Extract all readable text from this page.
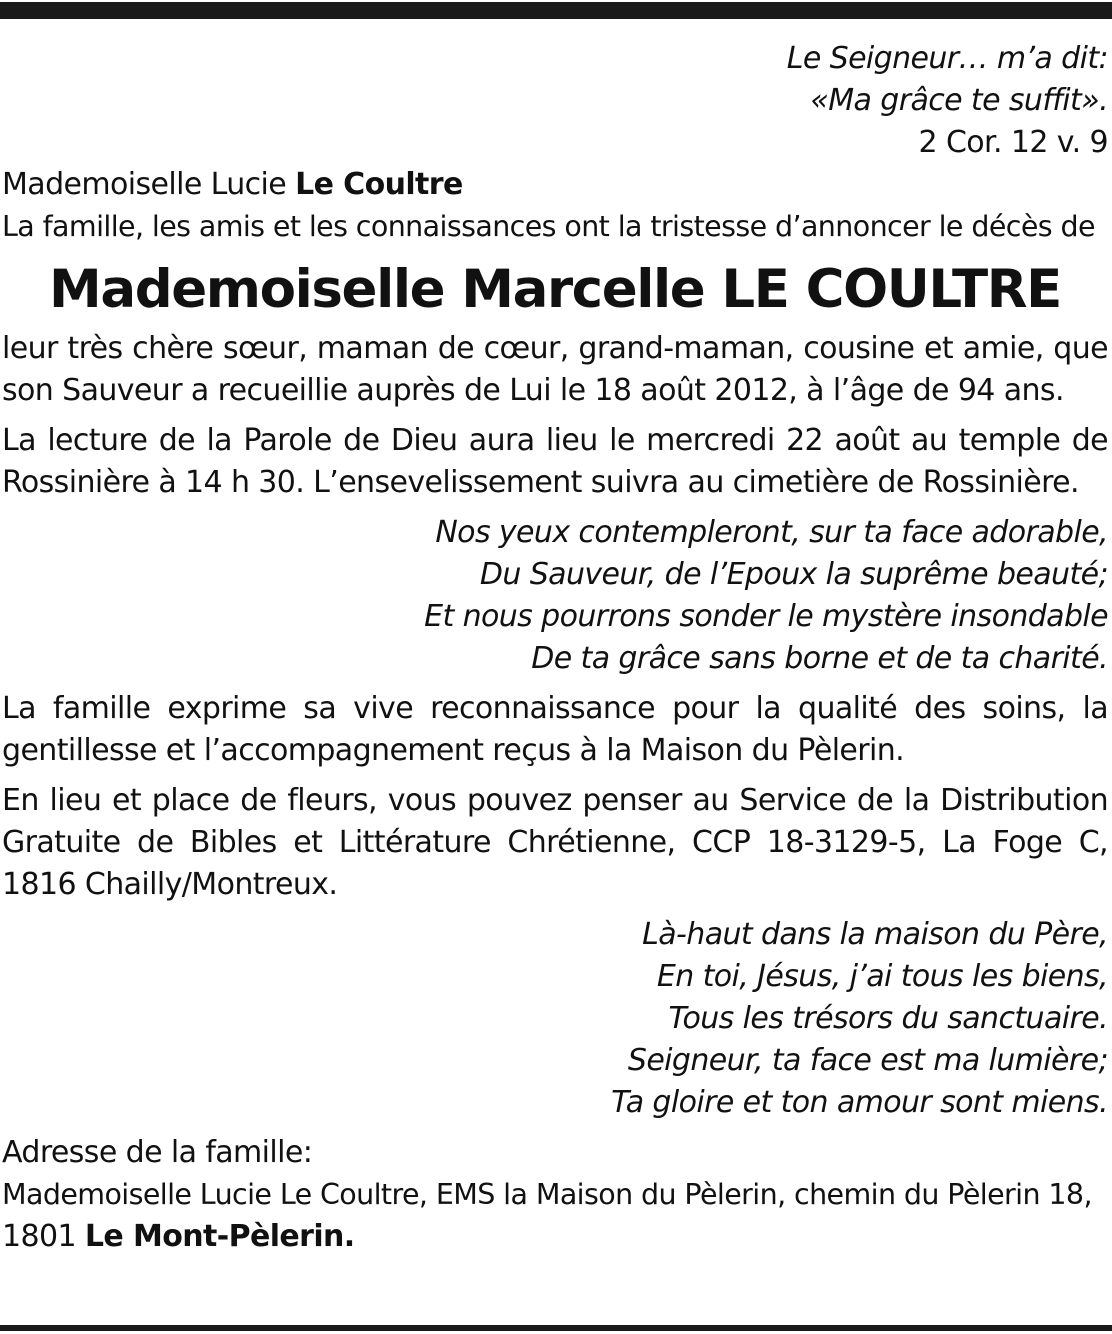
Le Seigneur… m’a dit:
«Ma grâce te suffit».
2 Cor. 12 v. 9
Mademoiselle Lucie Le Coultre
La famille, les amis et les connaissances ont la tristesse d’annoncer le décès de
Mademoiselle Marcelle LE COULTRE

leur très chère sœur, maman de cœur, grand-maman, cousine et amie, que son Sauveur a recueillie auprès de Lui le 18 août 2012, à l’âge de 94 ans.

La lecture de la Parole de Dieu aura lieu le mercredi 22 août au temple de Rossinière à 14 h 30. L’ensevelissement suivra au cimetière de Rossinière.

Nos yeux contempleront, sur ta face adorable,
Du Sauveur, de l’Epoux la suprême beauté;
Et nous pourrons sonder le mystère insondable
De ta grâce sans borne et de ta charité.

La famille exprime sa vive reconnaissance pour la qualité des soins, la gentillesse et l’accompagnement reçus à la Maison du Pèlerin.

En lieu et place de fleurs, vous pouvez penser au Service de la Distribution Gratuite de Bibles et Littérature Chrétienne, CCP 18-3129-5, La Foge C, 1816 Chailly/Montreux.

Là-haut dans la maison du Père,
En toi, Jésus, j’ai tous les biens,
Tous les trésors du sanctuaire.
Seigneur, ta face est ma lumière;
Ta gloire et ton amour sont miens.
Adresse de la famille:
Mademoiselle Lucie Le Coultre, EMS la Maison du Pèlerin, chemin du Pèlerin 18,
1801 Le Mont-Pèlerin.
